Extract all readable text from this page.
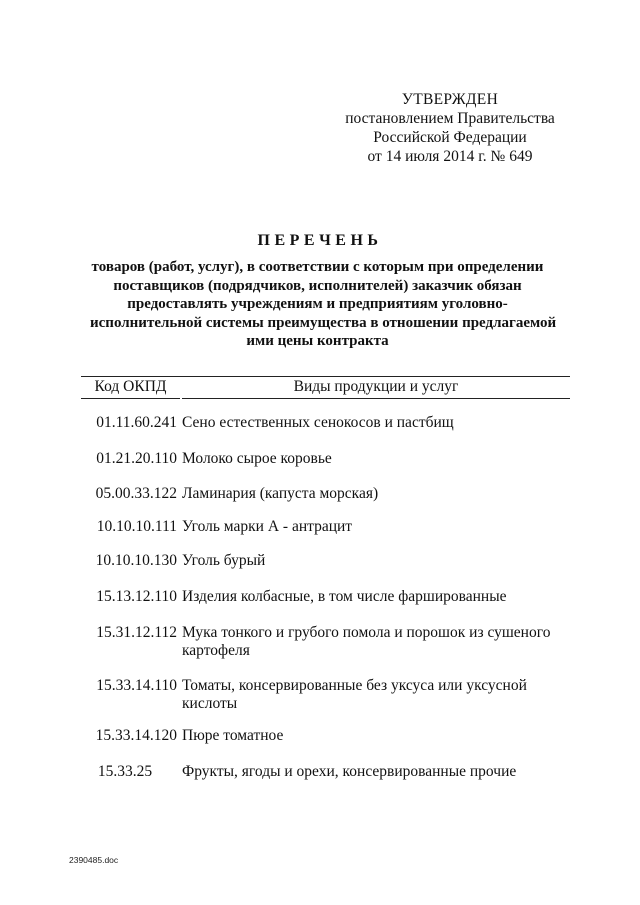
УТВЕРЖДЕН
постановлением Правительства
Российской Федерации
от 14 июля 2014 г. № 649
ПЕРЕЧЕНЬ
товаров (работ, услуг), в соответствии с которым при определении
поставщиков (подрядчиков, исполнителей) заказчик обязан
предоставлять учреждениям и предприятиям уголовно-
исполнительной системы преимущества в отношении предлагаемой
ими цены контракта
Код ОКПД	Виды продукции и услуг
01.11.60.241 Сено естественных сенокосов и пастбищ
01.21.20.110 Молоко сырое коровье
05.00.33.122 Ламинария (капуста морская)
10.10.10.111 Уголь марки А - антрацит
10.10.10.130 Уголь бурый
15.13.12.110 Изделия колбасные, в том числе фаршированные
15.31.12.112 Мука тонкого и грубого помола и порошок из сушеного
картофеля
15.33.14.110 Томаты, консервированные без уксуса или уксусной
кислоты
15.33.14.120 Пюре томатное
15.33.25	Фрукты, ягоды и орехи, консервированные прочие
2390485.doc
